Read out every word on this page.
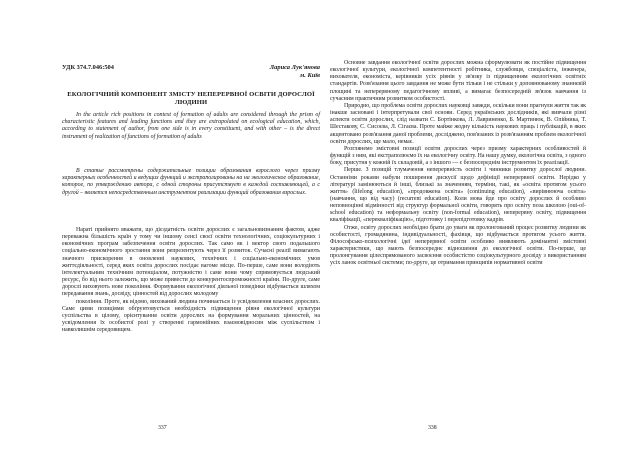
УДК 374.7.046:504	Лариса Лук'янова
м. Київ
ЕКОЛОГІЧНИЙ КОМПОНЕНТ ЗМІСТУ НЕПЕРЕРВНОЇ ОСВІТИ ДОРОСЛОЇ ЛЮДИНИ
In the article rich positions in context of formation of adults are considered through the prism of characteristic features and leading functions and they are extrapolated on ecological education, which, according to statement of author, from one side is in every constituent, and with other – is the direct instrument of realization of functions of formation of adults
В статье рассмотрены содержательные позиции образования взрослого через призму характерных особенностей и ведущих функций и экстраполированы на на экологическое образование, которое, по утверждению автора, с одной стороны присутствует в каждой составляющей, а с другой – является непосредственным инструментом реализации функций образования взрослых.

Нараті прийнято вважати, що дієздатність освіти дорослих є загальновизнаним фактом, адже переважна більшість країн у тому чи іншому сенсі своєї освіти технологічних, соціокультурних і економічних програм забезпечення освіти дорослих. Так само як і вектор свого подальшого соціально-економічного зростання вони репрезентують через її розвиток. Сучасні реалії вимагають значного прискорення в оновленні наукових, технічних і соціально-економічних умов життєдіяльності, серед яких освіта дорослих посідає вагоме місце. По-перше, саме вони володіють інтелектуальним технічним потенціалом, потужністю і саме вони чому спрямовується людський ресурс, бо від нього залежить, що може привести до конкурентоспроможності країни. По-друге, саме дорослі виховують нове покоління. Формування екологічної діяльної поведінки відбувається шляхом передавання знань, досвіду, цінностей від дорослих молодому

покоління. Проте, як відомо, вихований людина починається із усвідомлення власних дорослих. Саме цими позиціями обґрунтовується необхідність підвищення рівня екологічної культури суспільства в цілому, орієнтування освіти дорослих на формування моральних цінностей, на усвідомлення їх особистої ролі у створенні гармонійних взаємовідносин між суспільством і навколишнім середовищем.

337

Основне завдання екологічної освіти дорослих можна сформулювати як постійне підвищення екологічної культури, екологічної компетентності робітника, службовця, спеціаліста, інженера, вихователя, економіста, керівників усіх рівнів у зв'язку із підвищенням екологічних освітніх стандартів. Розв'язання цього завдання не може бути тільки і не стільки у доповнюваному знаннєвій площині та неперервному педагогічному впливі, а вимагає безпосередній зв'язок навчання із сучасним практичним розвитком особистості.

Природно, що проблема освіти дорослих науковці завжди, оскільки вони прагнули життя так як інакше засновані і інтерпретували свої основи. Серед українських дослідників, які вивчали різні аспекти освіти дорослих, слід назвати С. Бортінкова, Л. Лавриненко, Б. Мартинюк, В. Олійника, Т. Шестакову, С. Сисоєва, Л. Сігаєва. Проте майже жодну кількість наукових праць і публікацій, в яких акцентовано розв'язання даної проблеми, досліджено, пов'язаних із розв'язанням проблем екологічної освіти дорослих, ще мало, немає.

Розглянемо змістовні позиції освіти дорослих через призму характерних особливостей й функцій з ним, які екстраполюємо їх на екологічну освіту. На нашу думку, екологічна освіта, з одного боку, присутня у кожній їх складовій, а з іншого — є безпосереднім інструментом їх реалізації.

Перше. З позицій тлумачення неперервність освіти і чинники розвитку дорослої людини. Останніми роками набули поширення дискусії щодо дефініції неперервної освіти. Нерідко у літературі замінюються й інші, близькі за значенням, терміни, такі, як «освіта протягом усього життя» (lifelong education), «продовжена освіта» (continuing education), «вирівнююча освіта» (навчання, що від часу) (recurrent education). Коли мова йде про освіту дорослих й особливо неповноцінні відмінності від структур формальної освіти, говорять про освіту поза школою (out-of-school education) та неформальну освіту (non-formal education), неперервну освіту, підвищення кваліфікації, «перекваліфікацію», підготовку і перепідготовку кадрів.

Отже, освіту дорослих необхідно брати до уваги як пролонгований процес розвитку людини як особистості, громадянина, індивідуальності, фахівця, що відбувається протягом усього життя. Філософсько-психологічні ідеї неперервної освіти особливо виявляють домінантні змістовні характеристики, що мають безпосереднє відношення до екологічної освіти. По-перше, це пролонгування цілеспрямованого засвоєння особистістю соціокультурного досвіду з використанням усіх ланок освітньої системи; по-друге, це отримання принципів нормативної освіти

338
